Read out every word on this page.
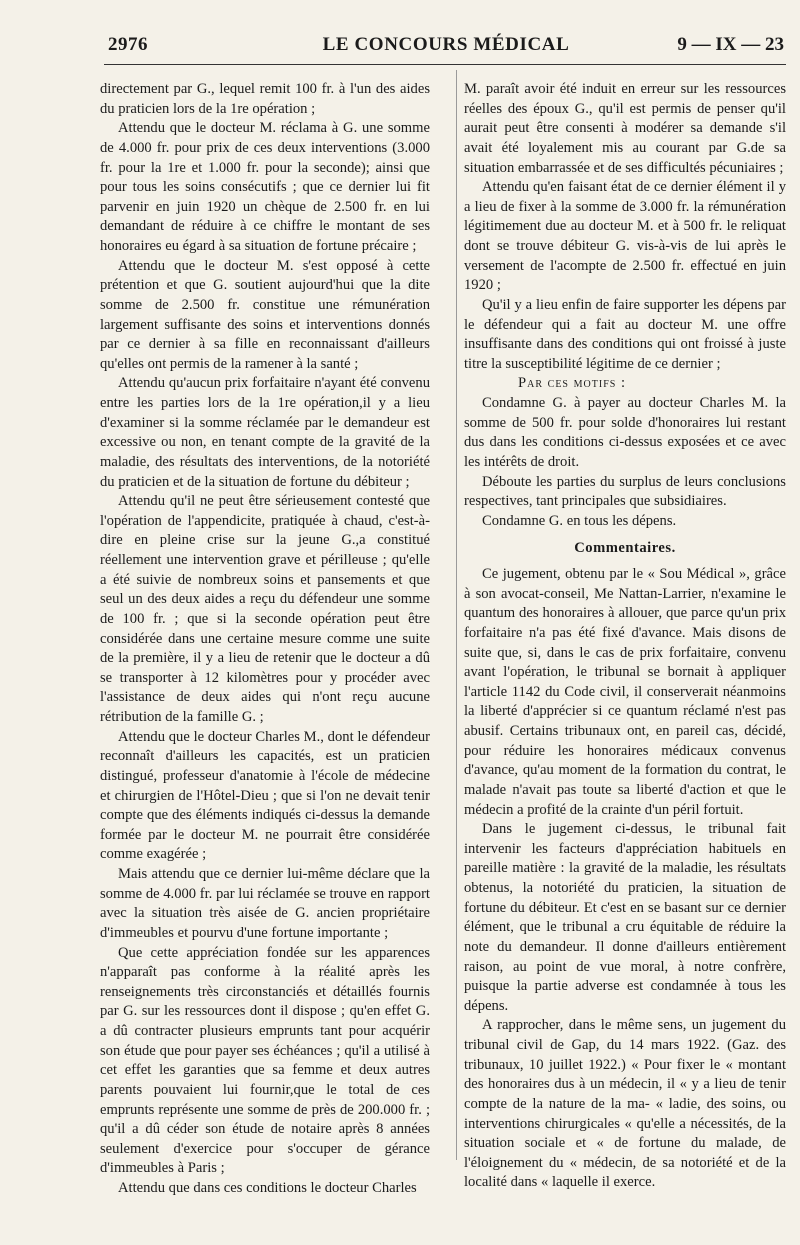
2976	LE CONCOURS MÉDICAL	9 — IX — 23

directement par G., lequel remit 100 fr. à l'un des aides du praticien lors de la 1re opération ;

Attendu que le docteur M. réclama à G. une somme de 4.000 fr. pour prix de ces deux interventions (3.000 fr. pour la 1re et 1.000 fr. pour la seconde); ainsi que pour tous les soins consécutifs ; que ce dernier lui fit parvenir en juin 1920 un chèque de 2.500 fr. en lui demandant de réduire à ce chiffre le montant de ses honoraires eu égard à sa situation de fortune précaire ;

Attendu que le docteur M. s'est opposé à cette prétention et que G. soutient aujourd'hui que la dite somme de 2.500 fr. constitue une rémunération largement suffisante des soins et interventions donnés par ce dernier à sa fille en reconnaissant d'ailleurs qu'elles ont permis de la ramener à la santé ;

Attendu qu'aucun prix forfaitaire n'ayant été convenu entre les parties lors de la 1re opération,il y a lieu d'examiner si la somme réclamée par le demandeur est excessive ou non, en tenant compte de la gravité de la maladie, des résultats des interventions, de la notoriété du praticien et de la situation de fortune du débiteur ;

Attendu qu'il ne peut être sérieusement contesté que l'opération de l'appendicite, pratiquée à chaud, c'est-à-dire en pleine crise sur la jeune G.,a constitué réellement une intervention grave et périlleuse ; qu'elle a été suivie de nombreux soins et pansements et que seul un des deux aides a reçu du défendeur une somme de 100 fr. ; que si la seconde opération peut être considérée dans une certaine mesure comme une suite de la première, il y a lieu de retenir que le docteur a dû se transporter à 12 kilomètres pour y procéder avec l'assistance de deux aides qui n'ont reçu aucune rétribution de la famille G. ;

Attendu que le docteur Charles M., dont le défendeur reconnaît d'ailleurs les capacités, est un praticien distingué, professeur d'anatomie à l'école de médecine et chirurgien de l'Hôtel-Dieu ; que si l'on ne devait tenir compte que des éléments indiqués ci-dessus la demande formée par le docteur M. ne pourrait être considérée comme exagérée ;

Mais attendu que ce dernier lui-même déclare que la somme de 4.000 fr. par lui réclamée se trouve en rapport avec la situation très aisée de G. ancien propriétaire d'immeubles et pourvu d'une fortune importante ;

Que cette appréciation fondée sur les apparences n'apparaît pas conforme à la réalité après les renseignements très circonstanciés et détaillés fournis par G. sur les ressources dont il dispose ; qu'en effet G. a dû contracter plusieurs emprunts tant pour acquérir son étude que pour payer ses échéances ; qu'il a utilisé à cet effet les garanties que sa femme et deux autres parents pouvaient lui fournir,que le total de ces emprunts représente une somme de près de 200.000 fr. ; qu'il a dû céder son étude de notaire après 8 années seulement d'exercice pour s'occuper de gérance d'immeubles à Paris ;

Attendu que dans ces conditions le docteur Charles

M. paraît avoir été induit en erreur sur les ressources réelles des époux G., qu'il est permis de penser qu'il aurait peut être consenti à modérer sa demande s'il avait été loyalement mis au courant par G.de sa situation embarrassée et de ses difficultés pécuniaires ;

Attendu qu'en faisant état de ce dernier élément il y a lieu de fixer à la somme de 3.000 fr. la rémunération légitimement due au docteur M. et à 500 fr. le reliquat dont se trouve débiteur G. vis-à-vis de lui après le versement de l'acompte de 2.500 fr. effectué en juin 1920 ;

Qu'il y a lieu enfin de faire supporter les dépens par le défendeur qui a fait au docteur M. une offre insuffisante dans des conditions qui ont froissé à juste titre la susceptibilité légitime de ce dernier ;

Par ces motifs :

Condamne G. à payer au docteur Charles M. la somme de 500 fr. pour solde d'honoraires lui restant dus dans les conditions ci-dessus exposées et ce avec les intérêts de droit.

Déboute les parties du surplus de leurs conclusions respectives, tant principales que subsidiaires.

Condamne G. en tous les dépens.

Commentaires.

Ce jugement, obtenu par le « Sou Médical », grâce à son avocat-conseil, Me Nattan-Larrier, n'examine le quantum des honoraires à allouer, que parce qu'un prix forfaitaire n'a pas été fixé d'avance. Mais disons de suite que, si, dans le cas de prix forfaitaire, convenu avant l'opération, le tribunal se bornait à appliquer l'article 1142 du Code civil, il conserverait néanmoins la liberté d'apprécier si ce quantum réclamé n'est pas abusif. Certains tribunaux ont, en pareil cas, décidé, pour réduire les honoraires médicaux convenus d'avance, qu'au moment de la formation du contrat, le malade n'avait pas toute sa liberté d'action et que le médecin a profité de la crainte d'un péril fortuit.

Dans le jugement ci-dessus, le tribunal fait intervenir les facteurs d'appréciation habituels en pareille matière : la gravité de la maladie, les résultats obtenus, la notoriété du praticien, la situation de fortune du débiteur. Et c'est en se basant sur ce dernier élément, que le tribunal a cru équitable de réduire la note du demandeur. Il donne d'ailleurs entièrement raison, au point de vue moral, à notre confrère, puisque la partie adverse est condamnée à tous les dépens.

A rapprocher, dans le même sens, un jugement du tribunal civil de Gap, du 14 mars 1922. (Gaz. des tribunaux, 10 juillet 1922.) « Pour fixer le « montant des honoraires dus à un médecin, il « y a lieu de tenir compte de la nature de la ma- « ladie, des soins, ou interventions chirurgicales « qu'elle a nécessités, de la situation sociale et « de fortune du malade, de l'éloignement du « médecin, de sa notoriété et de la localité dans « laquelle il exerce.
